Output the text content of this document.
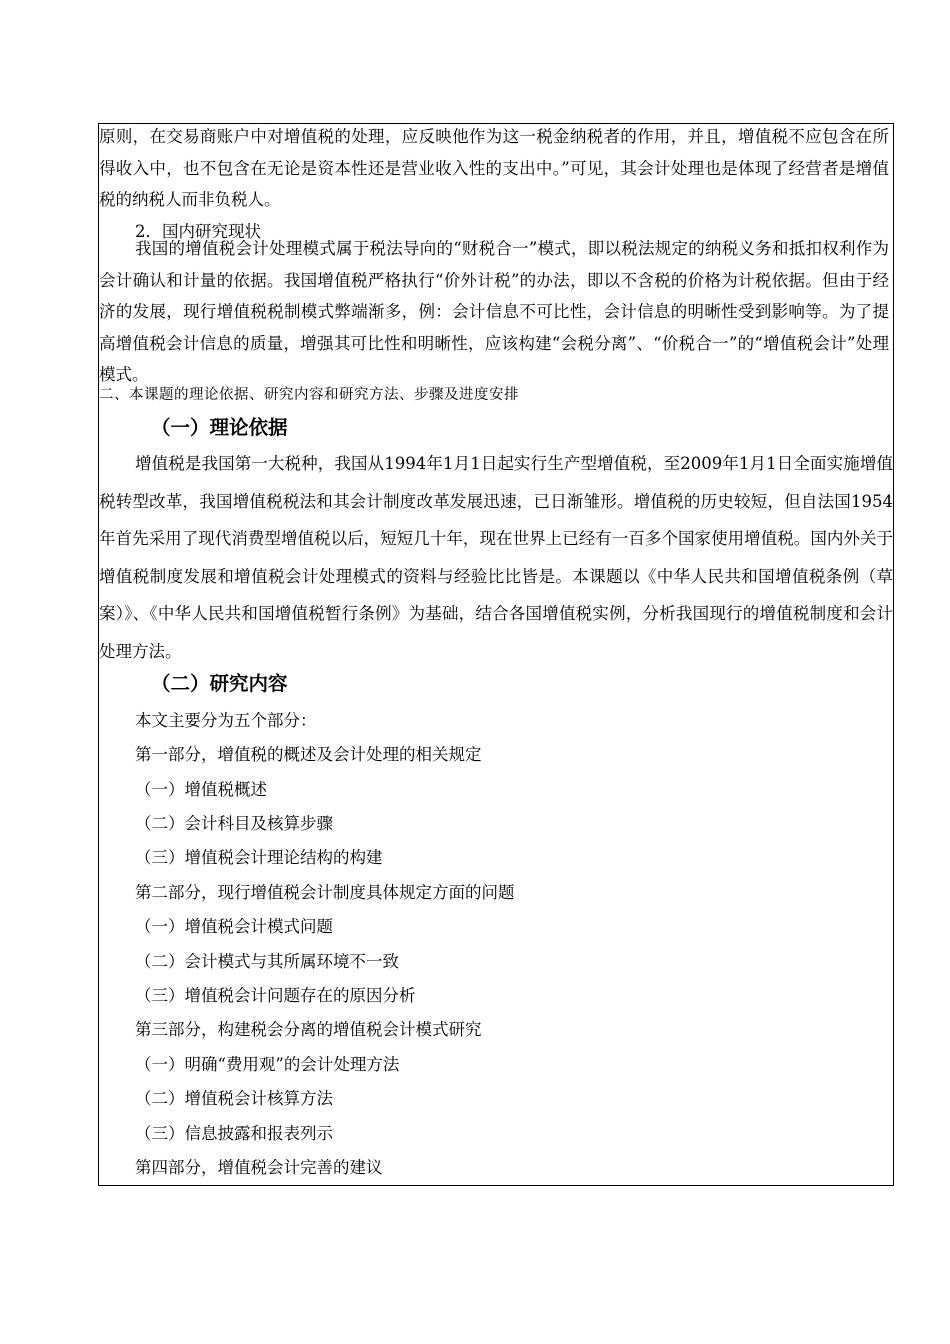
原则，在交易商账户中对增值税的处理，应反映他作为这一税金纳税者的作用，并且，增值税不应包含在所得收入中，也不包含在无论是资本性还是营业收入性的支出中。”可见，其会计处理也是体现了经营者是增值税的纳税人而非负税人。

2．国内研究现状

我国的增值税会计处理模式属于税法导向的“财税合一”模式，即以税法规定的纳税义务和抵扣权利作为会计确认和计量的依据。我国增值税严格执行“价外计税”的办法，即以不含税的价格为计税依据。但由于经济的发展，现行增值税税制模式弊端渐多，例：会计信息不可比性，会计信息的明晰性受到影响等。为了提高增值税会计信息的质量，增强其可比性和明晰性，应该构建“会税分离”、“价税合一”的“增值税会计”处理模式。

二、本课题的理论依据、研究内容和研究方法、步骤及进度安排

（一）理论依据

增值税是我国第一大税种，我国从1994年1月1日起实行生产型增值税，至2009年1月1日全面实施增值税转型改革，我国增值税税法和其会计制度改革发展迅速，已日渐雏形。增值税的历史较短，但自法国1954年首先采用了现代消费型增值税以后，短短几十年，现在世界上已经有一百多个国家使用增值税。国内外关于增值税制度发展和增值税会计处理模式的资料与经验比比皆是。本课题以《中华人民共和国增值税条例（草案）》、《中华人民共和国增值税暂行条例》为基础，结合各国增值税实例，分析我国现行的增值税制度和会计处理方法。

（二）研究内容

本文主要分为五个部分：

第一部分，增值税的概述及会计处理的相关规定

（一）增值税概述

（二）会计科目及核算步骤

（三）增值税会计理论结构的构建

第二部分，现行增值税会计制度具体规定方面的问题

（一）增值税会计模式问题

（二）会计模式与其所属环境不一致

（三）增值税会计问题存在的原因分析

第三部分，构建税会分离的增值税会计模式研究

（一）明确“费用观”的会计处理方法

（二）增值税会计核算方法

（三）信息披露和报表列示

第四部分，增值税会计完善的建议
